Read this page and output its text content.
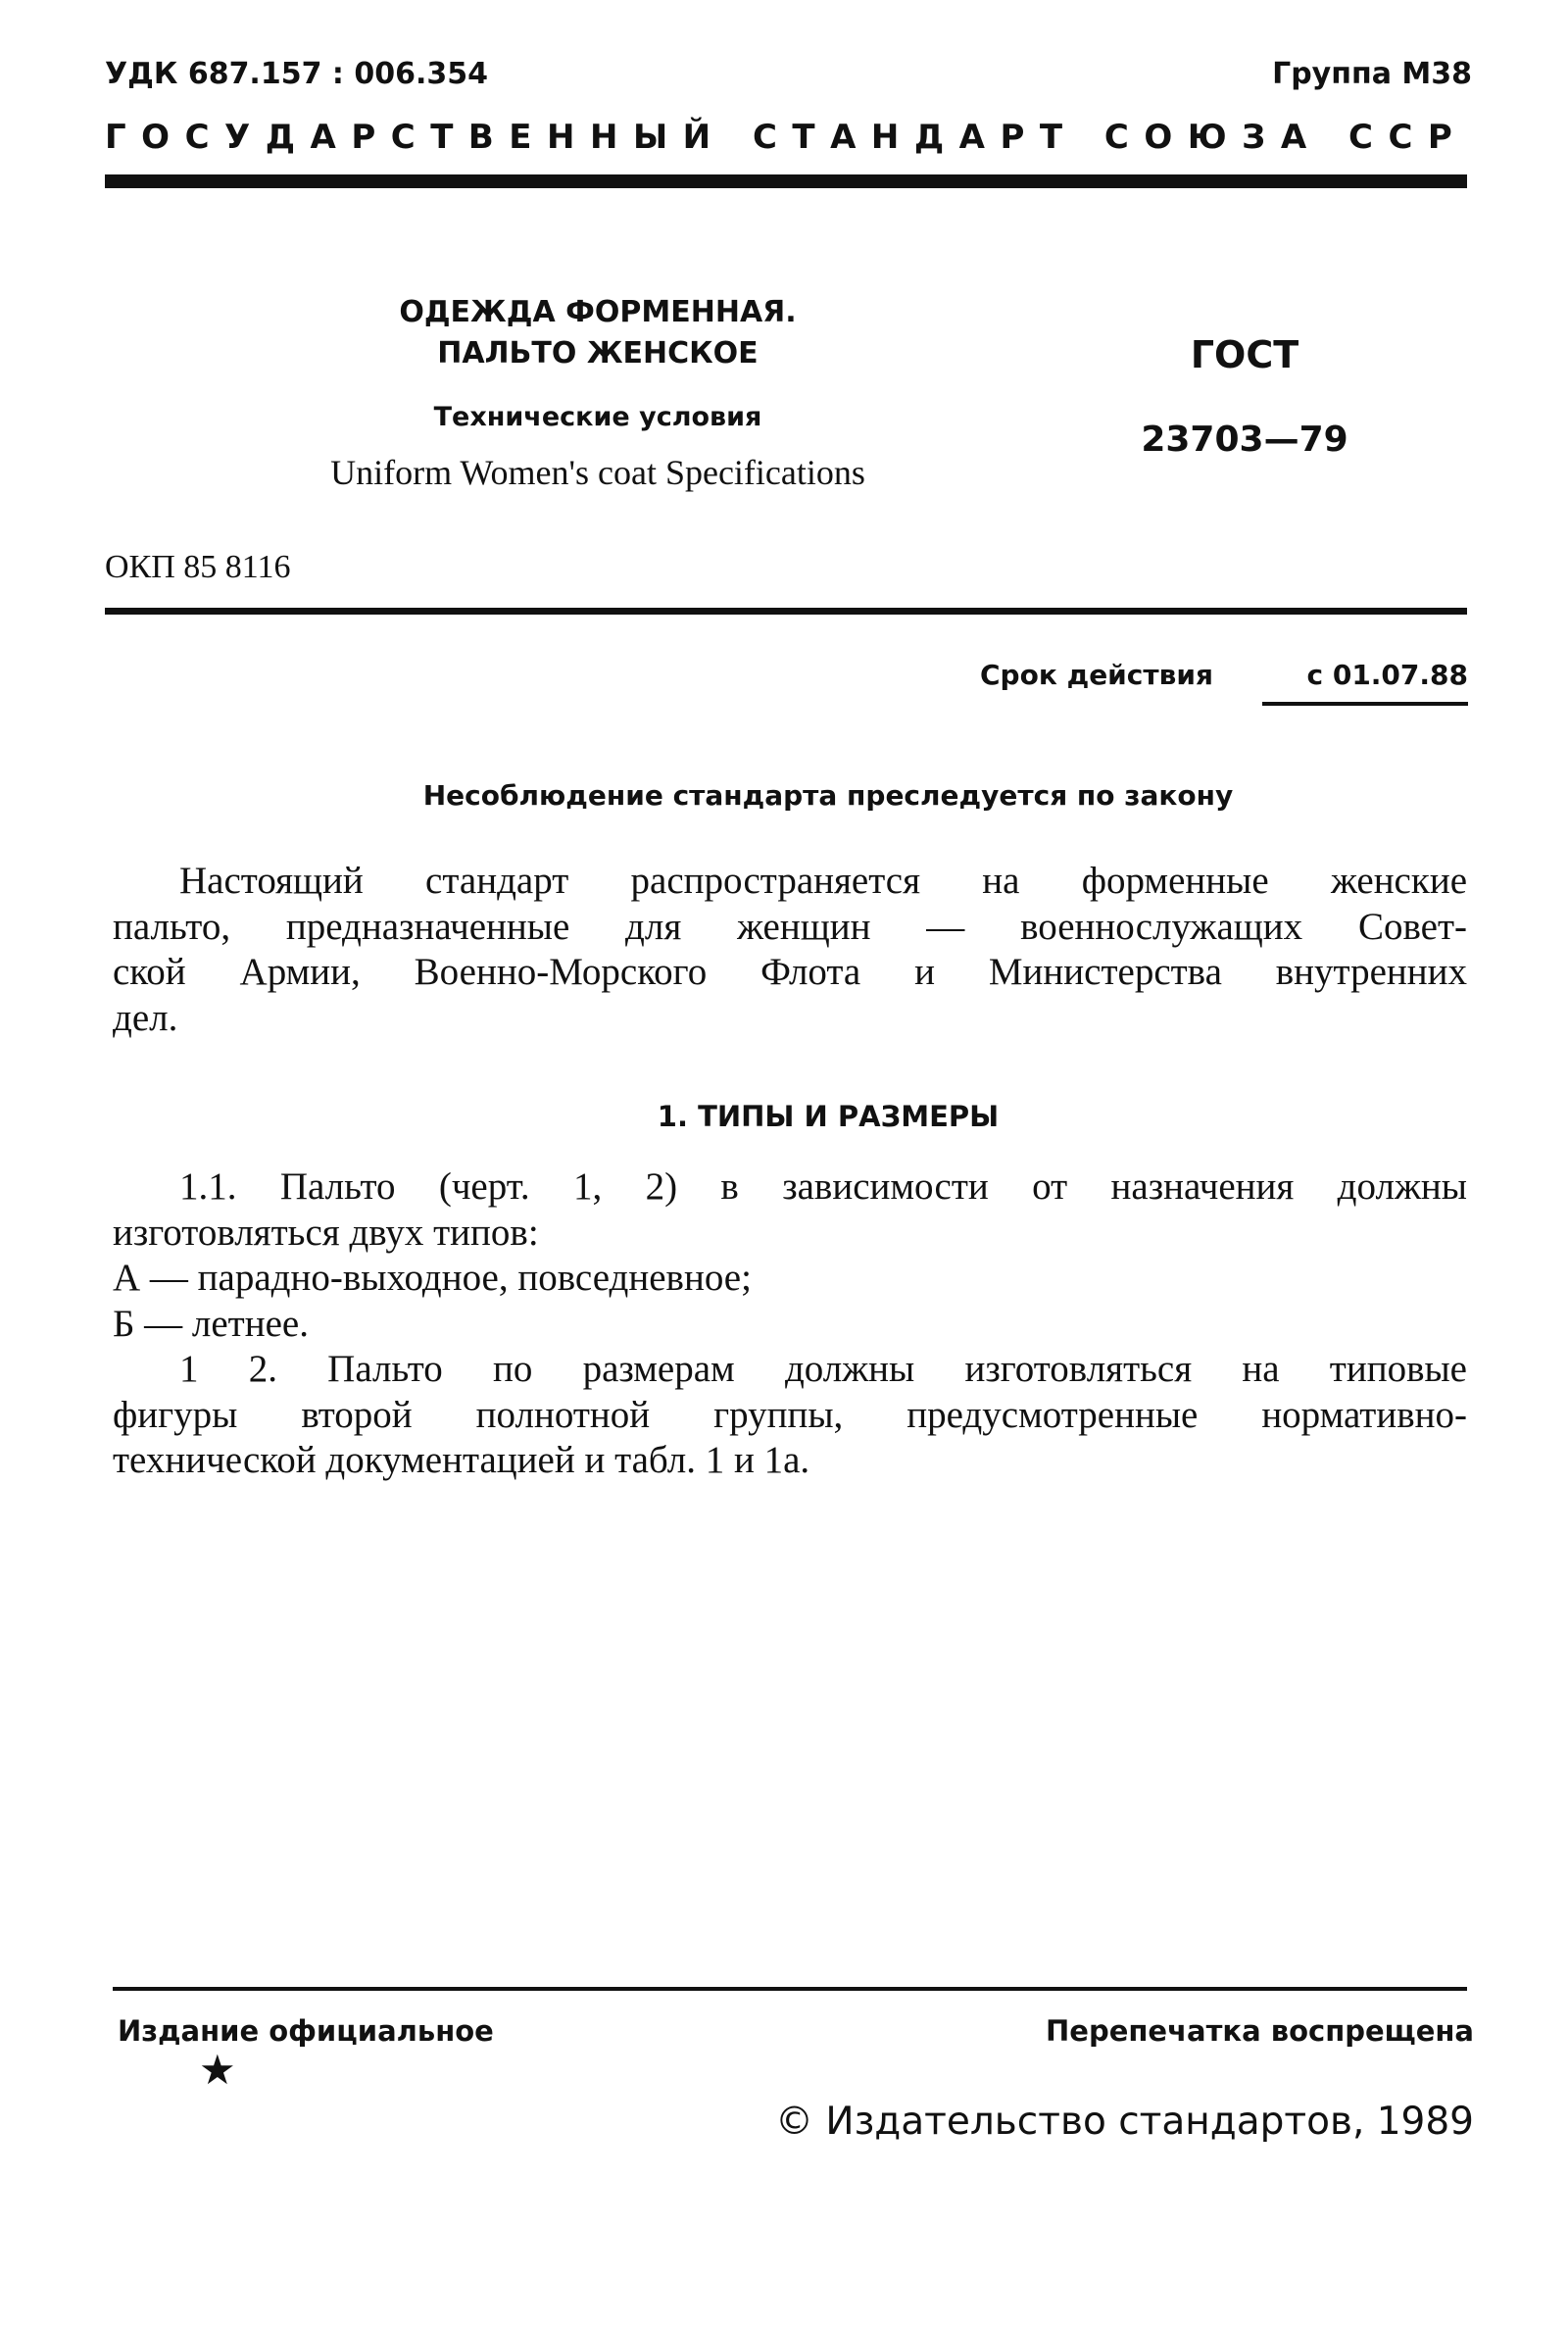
УДК 687.157 : 006.354	Группа М38
ГОСУДАРСТВЕННЫЙ СТАНДАРТ СОЮЗА ССР
ОДЕЖДА ФОРМЕННАЯ.
ПАЛЬТО ЖЕНСКОЕ
Технические условия
Uniform Women's coat Specifications
ГОСТ
23703—79
ОКП 85 8116
Срок действия	с 01.07.88
Несоблюдение стандарта преследуется по закону
Настоящий стандарт распространяется на форменные женские
пальто, предназначенные для женщин — военнослужащих Совет-
ской Армии, Военно-Морского Флота и Министерства внутренних
дел.
1. ТИПЫ И РАЗМЕРЫ
1.1. Пальто (черт. 1, 2) в зависимости от назначения должны
изготовляться двух типов:
А — парадно-выходное, повседневное;
Б — летнее.
1 2. Пальто по размерам должны изготовляться на типовые
фигуры второй полнотной группы, предусмотренные нормативно-
технической документацией и табл. 1 и 1а.
Издание официальное
★
Перепечатка воспрещена
© Издательство стандартов, 1989
